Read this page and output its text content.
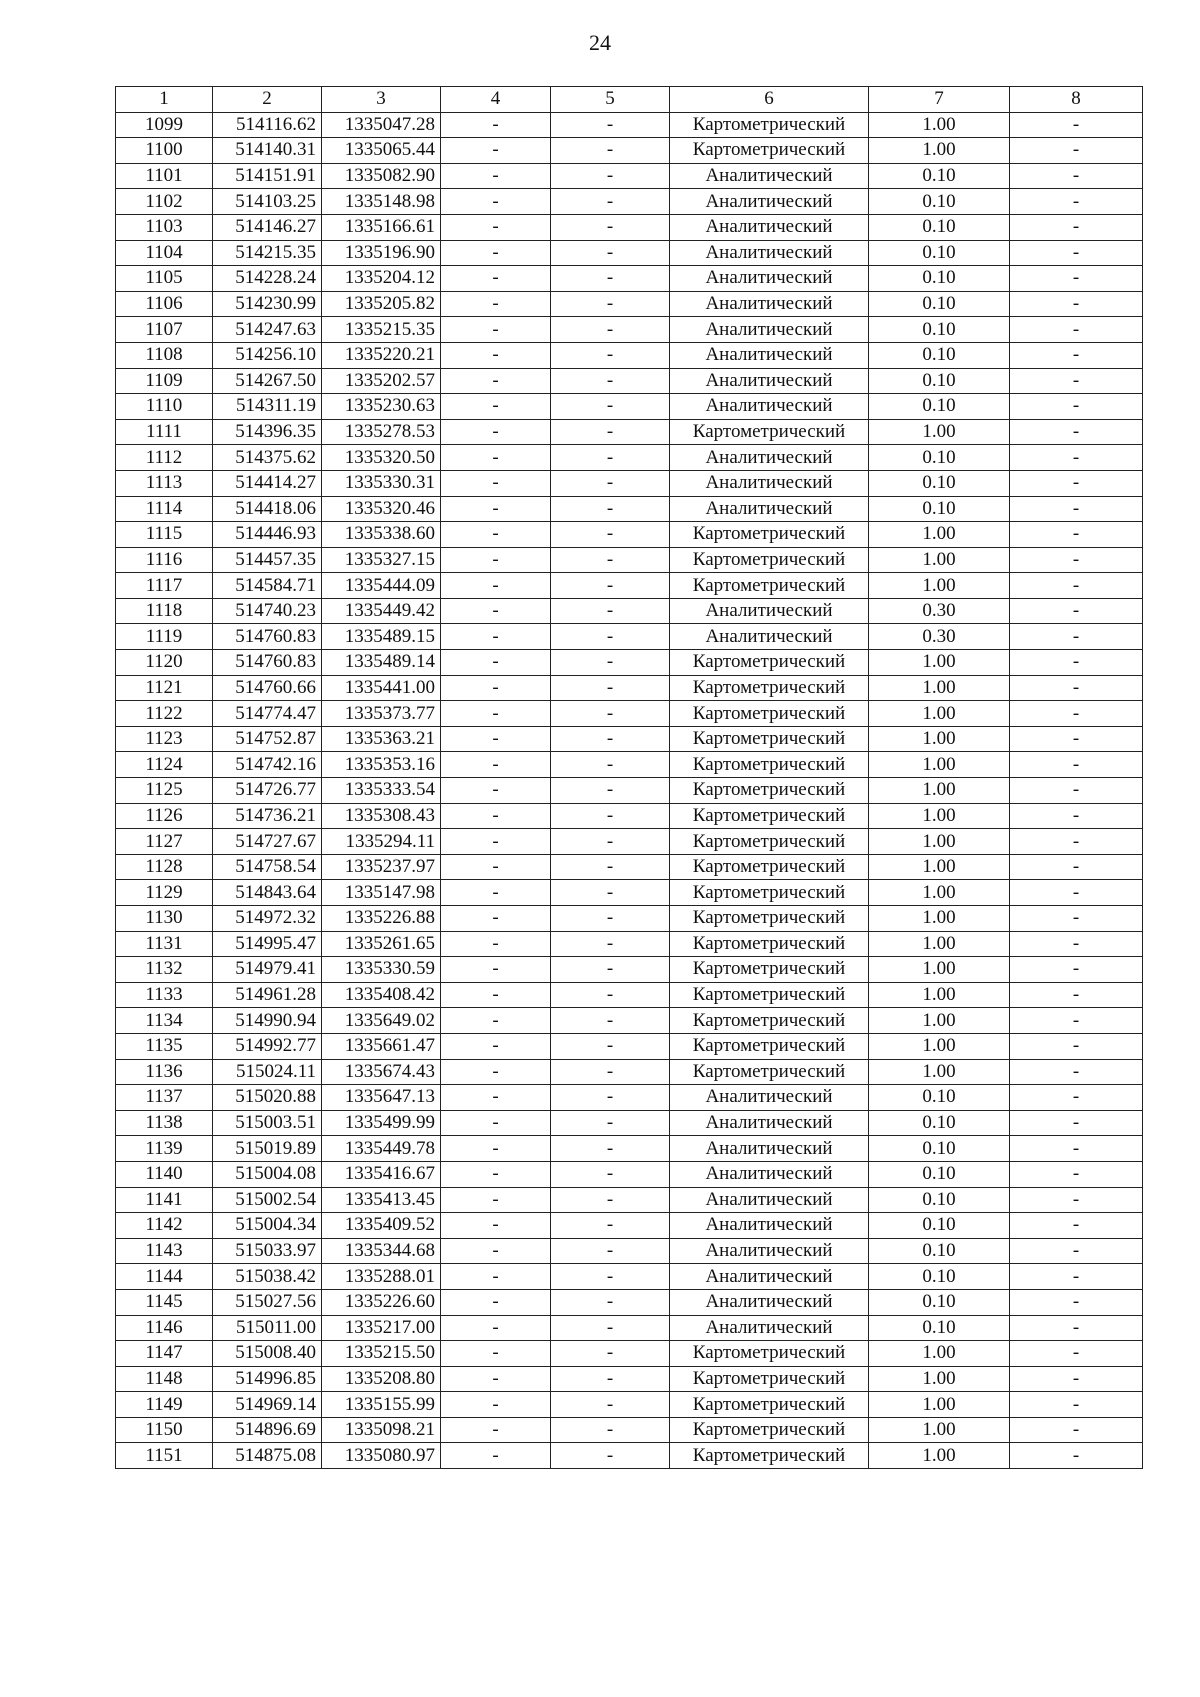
24
1	2	3	4	5	6	7	8
1099	514116.62	1335047.28	-	-	Картометрический	1.00	-
1100	514140.31	1335065.44	-	-	Картометрический	1.00	-
1101	514151.91	1335082.90	-	-	Аналитический	0.10	-
1102	514103.25	1335148.98	-	-	Аналитический	0.10	-
1103	514146.27	1335166.61	-	-	Аналитический	0.10	-
1104	514215.35	1335196.90	-	-	Аналитический	0.10	-
1105	514228.24	1335204.12	-	-	Аналитический	0.10	-
1106	514230.99	1335205.82	-	-	Аналитический	0.10	-
1107	514247.63	1335215.35	-	-	Аналитический	0.10	-
1108	514256.10	1335220.21	-	-	Аналитический	0.10	-
1109	514267.50	1335202.57	-	-	Аналитический	0.10	-
1110	514311.19	1335230.63	-	-	Аналитический	0.10	-
1111	514396.35	1335278.53	-	-	Картометрический	1.00	-
1112	514375.62	1335320.50	-	-	Аналитический	0.10	-
1113	514414.27	1335330.31	-	-	Аналитический	0.10	-
1114	514418.06	1335320.46	-	-	Аналитический	0.10	-
1115	514446.93	1335338.60	-	-	Картометрический	1.00	-
1116	514457.35	1335327.15	-	-	Картометрический	1.00	-
1117	514584.71	1335444.09	-	-	Картометрический	1.00	-
1118	514740.23	1335449.42	-	-	Аналитический	0.30	-
1119	514760.83	1335489.15	-	-	Аналитический	0.30	-
1120	514760.83	1335489.14	-	-	Картометрический	1.00	-
1121	514760.66	1335441.00	-	-	Картометрический	1.00	-
1122	514774.47	1335373.77	-	-	Картометрический	1.00	-
1123	514752.87	1335363.21	-	-	Картометрический	1.00	-
1124	514742.16	1335353.16	-	-	Картометрический	1.00	-
1125	514726.77	1335333.54	-	-	Картометрический	1.00	-
1126	514736.21	1335308.43	-	-	Картометрический	1.00	-
1127	514727.67	1335294.11	-	-	Картометрический	1.00	-
1128	514758.54	1335237.97	-	-	Картометрический	1.00	-
1129	514843.64	1335147.98	-	-	Картометрический	1.00	-
1130	514972.32	1335226.88	-	-	Картометрический	1.00	-
1131	514995.47	1335261.65	-	-	Картометрический	1.00	-
1132	514979.41	1335330.59	-	-	Картометрический	1.00	-
1133	514961.28	1335408.42	-	-	Картометрический	1.00	-
1134	514990.94	1335649.02	-	-	Картометрический	1.00	-
1135	514992.77	1335661.47	-	-	Картометрический	1.00	-
1136	515024.11	1335674.43	-	-	Картометрический	1.00	-
1137	515020.88	1335647.13	-	-	Аналитический	0.10	-
1138	515003.51	1335499.99	-	-	Аналитический	0.10	-
1139	515019.89	1335449.78	-	-	Аналитический	0.10	-
1140	515004.08	1335416.67	-	-	Аналитический	0.10	-
1141	515002.54	1335413.45	-	-	Аналитический	0.10	-
1142	515004.34	1335409.52	-	-	Аналитический	0.10	-
1143	515033.97	1335344.68	-	-	Аналитический	0.10	-
1144	515038.42	1335288.01	-	-	Аналитический	0.10	-
1145	515027.56	1335226.60	-	-	Аналитический	0.10	-
1146	515011.00	1335217.00	-	-	Аналитический	0.10	-
1147	515008.40	1335215.50	-	-	Картометрический	1.00	-
1148	514996.85	1335208.80	-	-	Картометрический	1.00	-
1149	514969.14	1335155.99	-	-	Картометрический	1.00	-
1150	514896.69	1335098.21	-	-	Картометрический	1.00	-
1151	514875.08	1335080.97	-	-	Картометрический	1.00	-
